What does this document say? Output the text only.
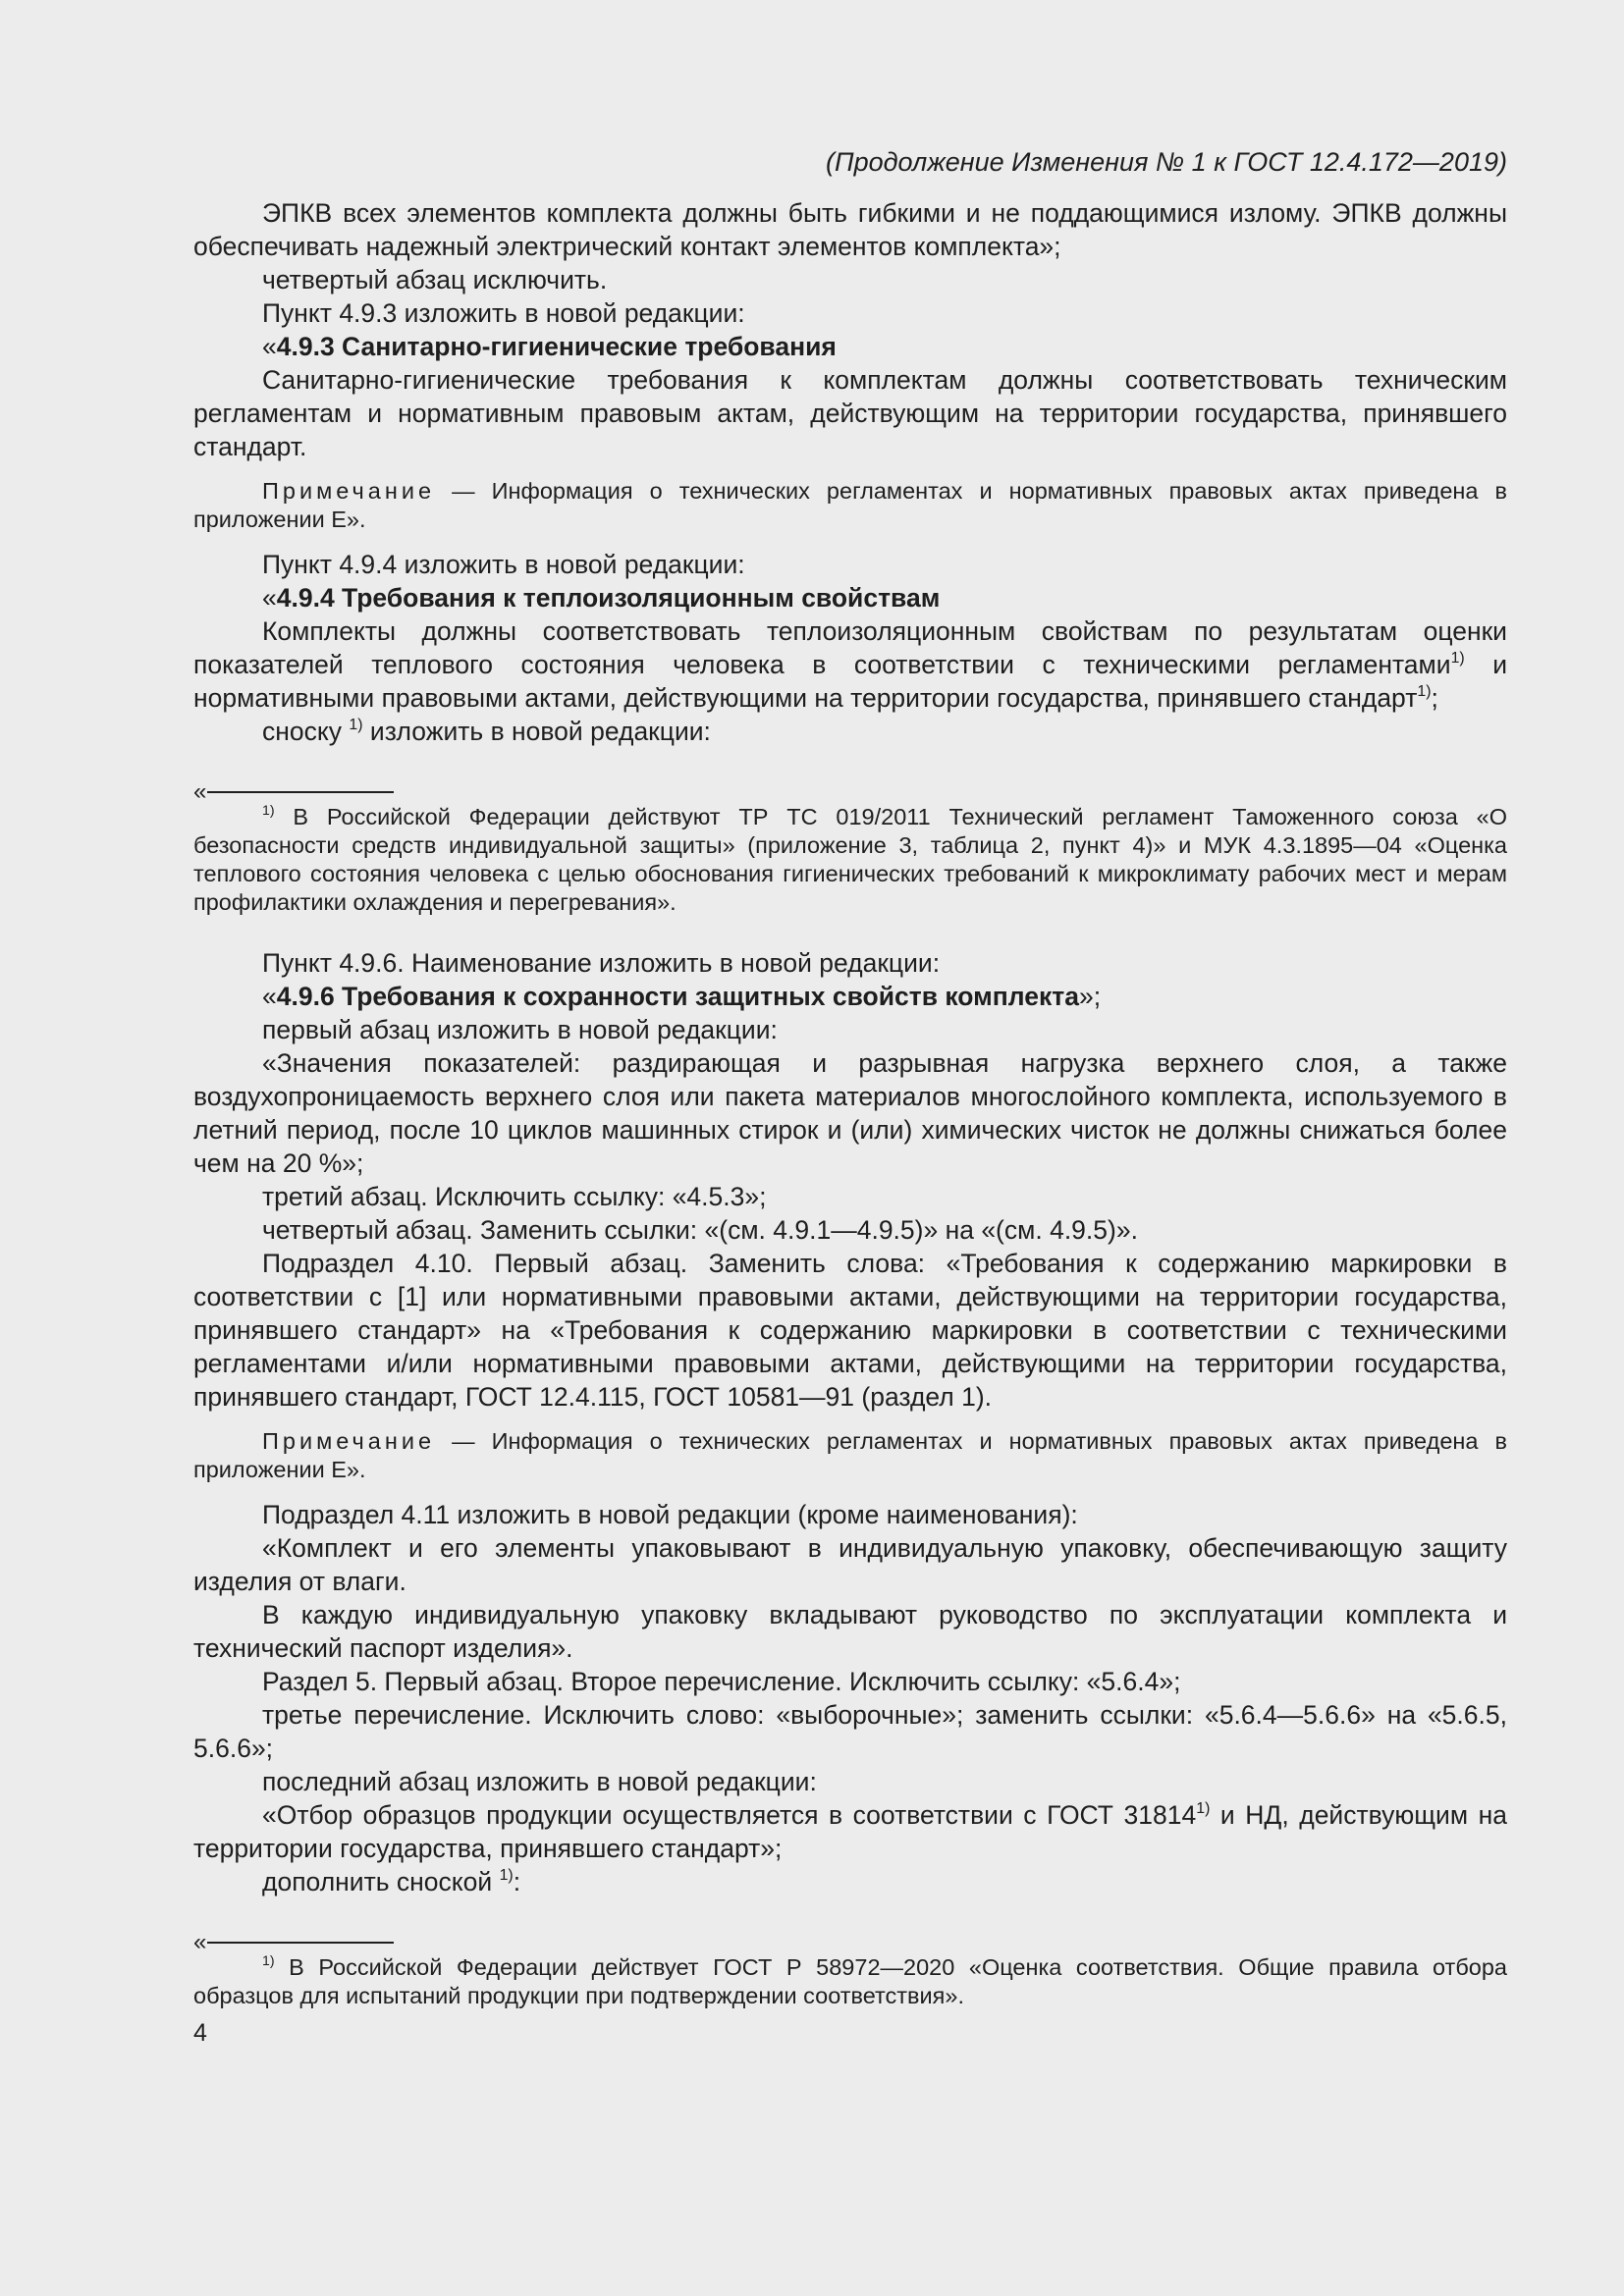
(Продолжение Изменения № 1 к ГОСТ 12.4.172—2019)

ЭПКВ всех элементов комплекта должны быть гибкими и не поддающимися излому. ЭПКВ должны обеспечивать надежный электрический контакт элементов комплекта»;

четвертый абзац исключить.

Пункт 4.9.3 изложить в новой редакции:

«4.9.3 Санитарно-гигиенические требования

Санитарно-гигиенические требования к комплектам должны соответствовать техническим регламентам и нормативным правовым актам, действующим на территории государства, принявшего стандарт.

Примечание — Информация о технических регламентах и нормативных правовых актах приведена в приложении Е».

Пункт 4.9.4 изложить в новой редакции:

«4.9.4 Требования к теплоизоляционным свойствам

Комплекты должны соответствовать теплоизоляционным свойствам по результатам оценки показателей теплового состояния человека в соответствии с техническими регламентами$^{1)}$ и нормативными правовыми актами, действующими на территории государства, принявшего стандарт$^{1)}$;

сноску $^{1)}$ изложить в новой редакции:

«

$^{1)}$ В Российской Федерации действуют ТР ТС 019/2011 Технический регламент Таможенного союза «О безопасности средств индивидуальной защиты» (приложение 3, таблица 2, пункт 4)» и МУК 4.3.1895—04 «Оценка теплового состояния человека с целью обоснования гигиенических требований к микроклимату рабочих мест и мерам профилактики охлаждения и перегревания».

Пункт 4.9.6. Наименование изложить в новой редакции:

«4.9.6 Требования к сохранности защитных свойств комплекта»;

первый абзац изложить в новой редакции:

«Значения показателей: раздирающая и разрывная нагрузка верхнего слоя, а также воздухопроницаемость верхнего слоя или пакета материалов многослойного комплекта, используемого в летний период, после 10 циклов машинных стирок и (или) химических чисток не должны снижаться более чем на 20 %»;

третий абзац. Исключить ссылку: «4.5.3»;

четвертый абзац. Заменить ссылки: «(см. 4.9.1—4.9.5)» на «(см. 4.9.5)».

Подраздел 4.10. Первый абзац. Заменить слова: «Требования к содержанию маркировки в соответствии с [1] или нормативными правовыми актами, действующими на территории государства, принявшего стандарт» на «Требования к содержанию маркировки в соответствии с техническими регламентами и/или нормативными правовыми актами, действующими на территории государства, принявшего стандарт, ГОСТ 12.4.115, ГОСТ 10581—91 (раздел 1).

Примечание — Информация о технических регламентах и нормативных правовых актах приведена в приложении Е».

Подраздел 4.11 изложить в новой редакции (кроме наименования):

«Комплект и его элементы упаковывают в индивидуальную упаковку, обеспечивающую защиту изделия от влаги.

В каждую индивидуальную упаковку вкладывают руководство по эксплуатации комплекта и технический паспорт изделия».

Раздел 5. Первый абзац. Второе перечисление. Исключить ссылку: «5.6.4»;

третье перечисление. Исключить слово: «выборочные»; заменить ссылки: «5.6.4—5.6.6» на «5.6.5, 5.6.6»;

последний абзац изложить в новой редакции:

«Отбор образцов продукции осуществляется в соответствии с ГОСТ 31814$^{1)}$ и НД, действующим на территории государства, принявшего стандарт»;

дополнить сноской $^{1)}$:

«

$^{1)}$ В Российской Федерации действует ГОСТ Р 58972—2020 «Оценка соответствия. Общие правила отбора образцов для испытаний продукции при подтверждении соответствия».

4
